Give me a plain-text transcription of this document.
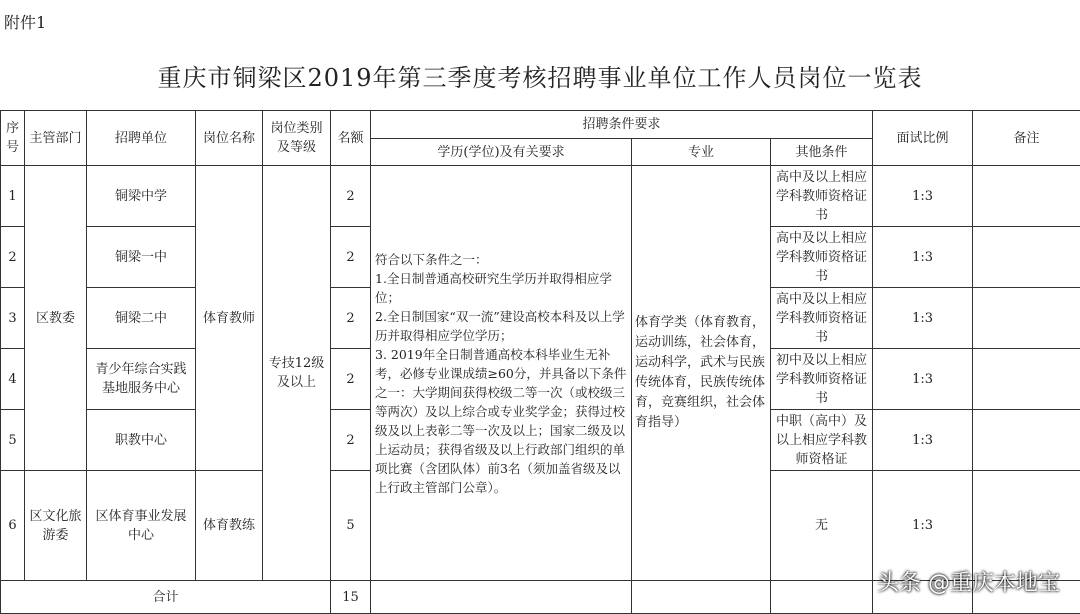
附件1
重庆市铜梁区2019年第三季度考核招聘事业单位工作人员岗位一览表
序号	主管部门	招聘单位	岗位名称	岗位类别及等级	名额	招聘条件要求			面试比例	备注
						学历(学位)及有关要求	专业	其他条件		
1	区教委	铜梁中学	体育教师	专技12级及以上	2	符合以下条件之一：
1.全日制普通高校研究生学历并取得相应学位；
2.全日制国家“双一流”建设高校本科及以上学历并取得相应学位学历；
3. 2019年全日制普通高校本科毕业生无补考，必修专业课成绩≥60分，并具备以下条件之一：大学期间获得校级二等一次（或校级三等两次）及以上综合或专业奖学金；获得过校级及以上表彰二等一次及以上；国家二级及以上运动员；获得省级及以上行政部门组织的单项比赛（含团队体）前3名（须加盖省级及以上行政主管部门公章）。	体育学类（体育教育，运动训练，社会体育，运动科学，武术与民族传统体育，民族传统体育，竞赛组织，社会体育指导）	高中及以上相应学科教师资格证书	1:3	
2		铜梁一中			2			高中及以上相应学科教师资格证书	1:3	
3		铜梁二中			2			高中及以上相应学科教师资格证书	1:3	
4		青少年综合实践基地服务中心			2			初中及以上相应学科教师资格证书	1:3	
5		职教中心			2			中职（高中）及以上相应学科教师资格证	1:3	
6	区文化旅游委	区体育事业发展中心	体育教练		5			无	1:3	
合计					15					
头条 @重庆本地宝
